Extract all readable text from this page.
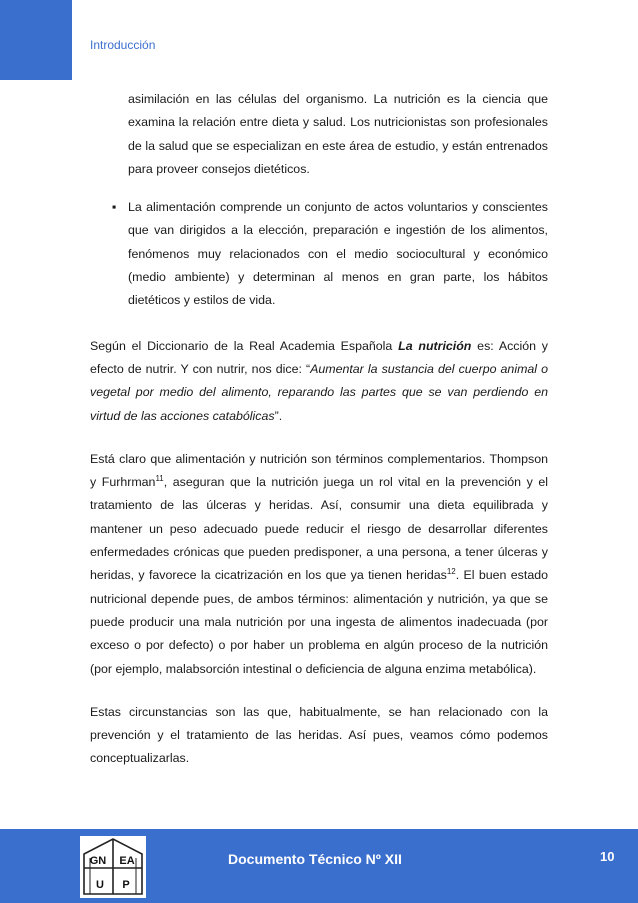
Introducción

asimilación en las células del organismo. La nutrición es la ciencia que examina la relación entre dieta y salud. Los nutricionistas son profesionales de la salud que se especializan en este área de estudio, y están entrenados para proveer consejos dietéticos.

▪ La alimentación comprende un conjunto de actos voluntarios y conscientes que van dirigidos a la elección, preparación e ingestión de los alimentos, fenómenos muy relacionados con el medio sociocultural y económico (medio ambiente) y determinan al menos en gran parte, los hábitos dietéticos y estilos de vida.

Según el Diccionario de la Real Academia Española La nutrición es: Acción y efecto de nutrir. Y con nutrir, nos dice: “Aumentar la sustancia del cuerpo animal o vegetal por medio del alimento, reparando las partes que se van perdiendo en virtud de las acciones catabólicas”.

Está claro que alimentación y nutrición son términos complementarios. Thompson y Furhrman$^{11}$, aseguran que la nutrición juega un rol vital en la prevención y el tratamiento de las úlceras y heridas. Así, consumir una dieta equilibrada y mantener un peso adecuado puede reducir el riesgo de desarrollar diferentes enfermedades crónicas que pueden predisponer, a una persona, a tener úlceras y heridas, y favorece la cicatrización en los que ya tienen heridas$^{12}$. El buen estado nutricional depende pues, de ambos términos: alimentación y nutrición, ya que se puede producir una mala nutrición por una ingesta de alimentos inadecuada (por exceso o por defecto) o por haber un problema en algún proceso de la nutrición (por ejemplo, malabsorción intestinal o deficiencia de alguna enzima metabólica).

Estas circunstancias son las que, habitualmente, se han relacionado con la prevención y el tratamiento de las heridas. Así pues, veamos cómo podemos conceptualizarlas.

GN EA
U P
Documento Técnico Nº XII	10
